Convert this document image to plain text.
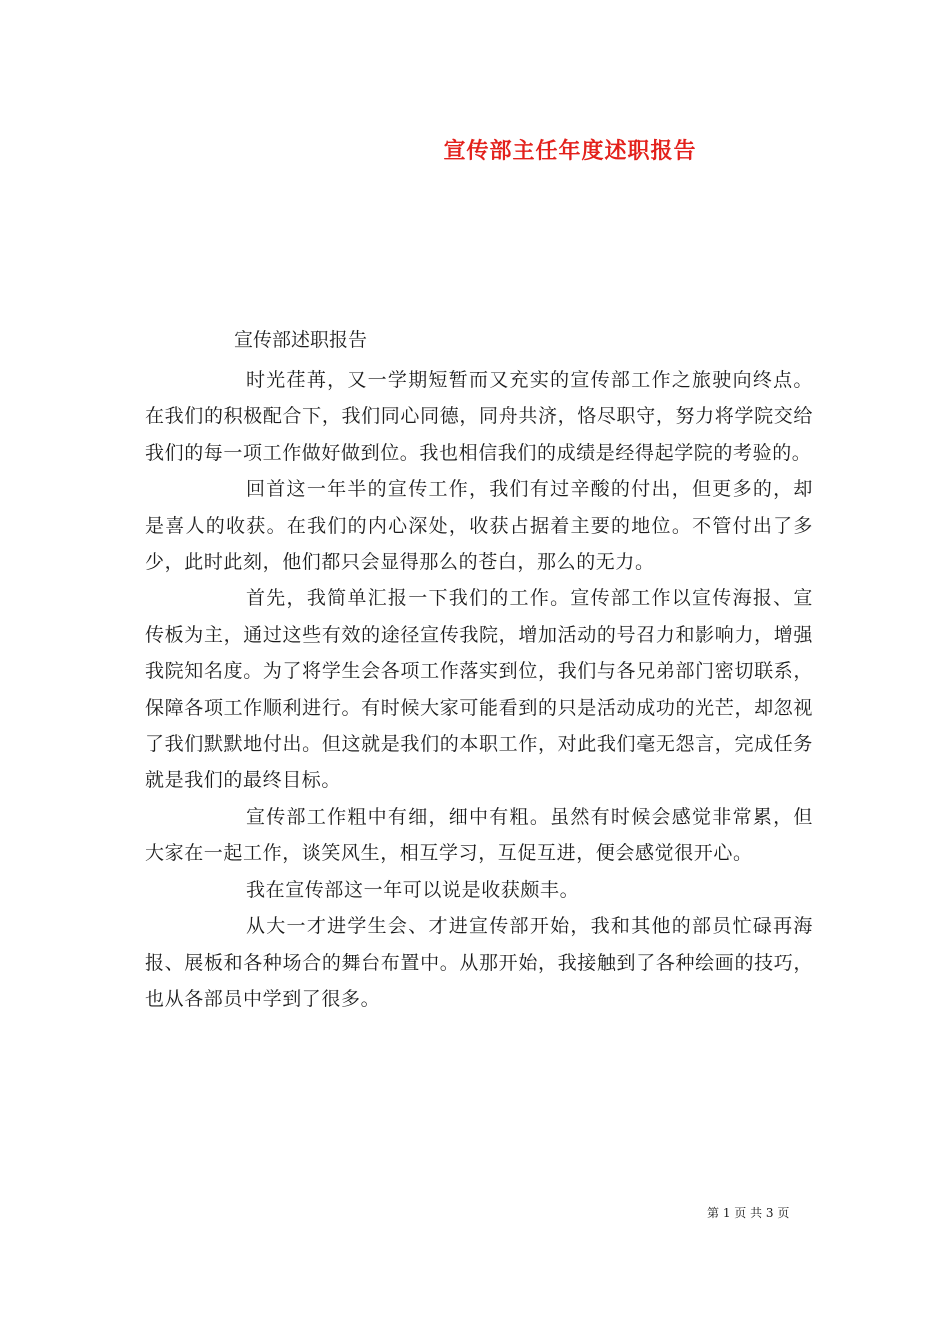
宣传部主任年度述职报告
宣传部述职报告

时光荏苒，又一学期短暂而又充实的宣传部工作之旅驶向终点。在我们的积极配合下，我们同心同德，同舟共济，恪尽职守，努力将学院交给我们的每一项工作做好做到位。我也相信我们的成绩是经得起学院的考验的。

回首这一年半的宣传工作，我们有过辛酸的付出，但更多的，却是喜人的收获。在我们的内心深处，收获占据着主要的地位。不管付出了多少，此时此刻，他们都只会显得那么的苍白，那么的无力。

首先，我简单汇报一下我们的工作。宣传部工作以宣传海报、宣传板为主，通过这些有效的途径宣传我院，增加活动的号召力和影响力，增强我院知名度。为了将学生会各项工作落实到位，我们与各兄弟部门密切联系，保障各项工作顺利进行。有时候大家可能看到的只是活动成功的光芒，却忽视了我们默默地付出。但这就是我们的本职工作，对此我们毫无怨言，完成任务就是我们的最终目标。

宣传部工作粗中有细，细中有粗。虽然有时候会感觉非常累，但大家在一起工作，谈笑风生，相互学习，互促互进，便会感觉很开心。

我在宣传部这一年可以说是收获颇丰。

从大一才进学生会、才进宣传部开始，我和其他的部员忙碌再海报、展板和各种场合的舞台布置中。从那开始，我接触到了各种绘画的技巧，也从各部员中学到了很多。

第 1 页 共 3 页
